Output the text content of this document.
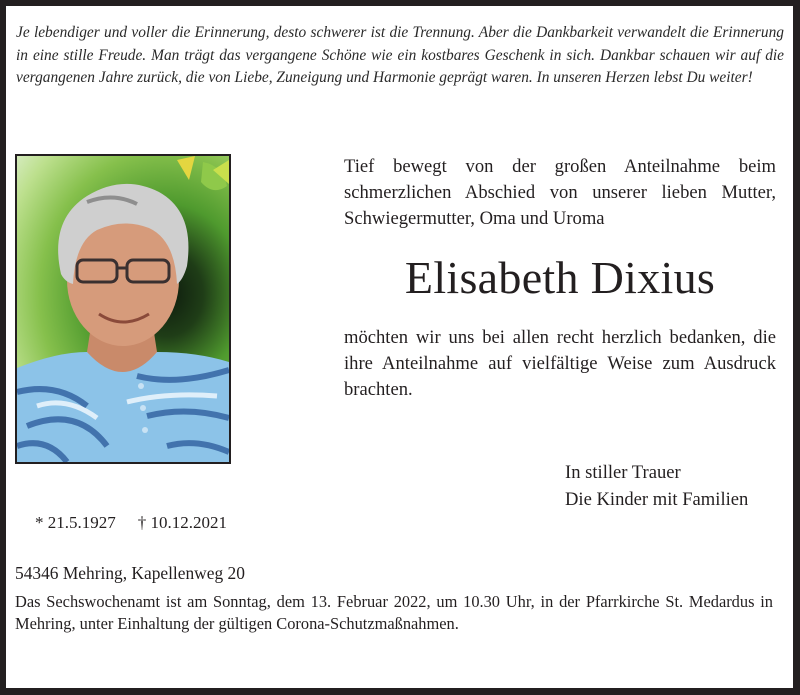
Je lebendiger und voller die Erinnerung, desto schwerer ist die Trennung. Aber die Dankbarkeit verwandelt die Erinnerung in eine stille Freude. Man trägt das vergangene Schöne wie ein kostbares Geschenk in sich. Dankbar schauen wir auf die vergangenen Jahre zurück, die von Liebe, Zuneigung und Harmonie geprägt waren. In unseren Herzen lebst Du weiter!

Tief bewegt von der großen Anteilnahme beim schmerzlichen Abschied von unserer lieben Mutter, Schwiegermutter, Oma und Uroma

Elisabeth Dixius

möchten wir uns bei allen recht herzlich bedanken, die ihre Anteilnahme auf vielfältige Weise zum Ausdruck brachten.

* 21.5.1927 † 10.12.2021

In stiller Trauer
Die Kinder mit Familien
54346 Mehring, Kapellenweg 20

Das Sechswochenamt ist am Sonntag, dem 13. Februar 2022, um 10.30 Uhr, in der Pfarrkirche St. Medardus in Mehring, unter Einhaltung der gültigen Corona-Schutzmaßnahmen.
